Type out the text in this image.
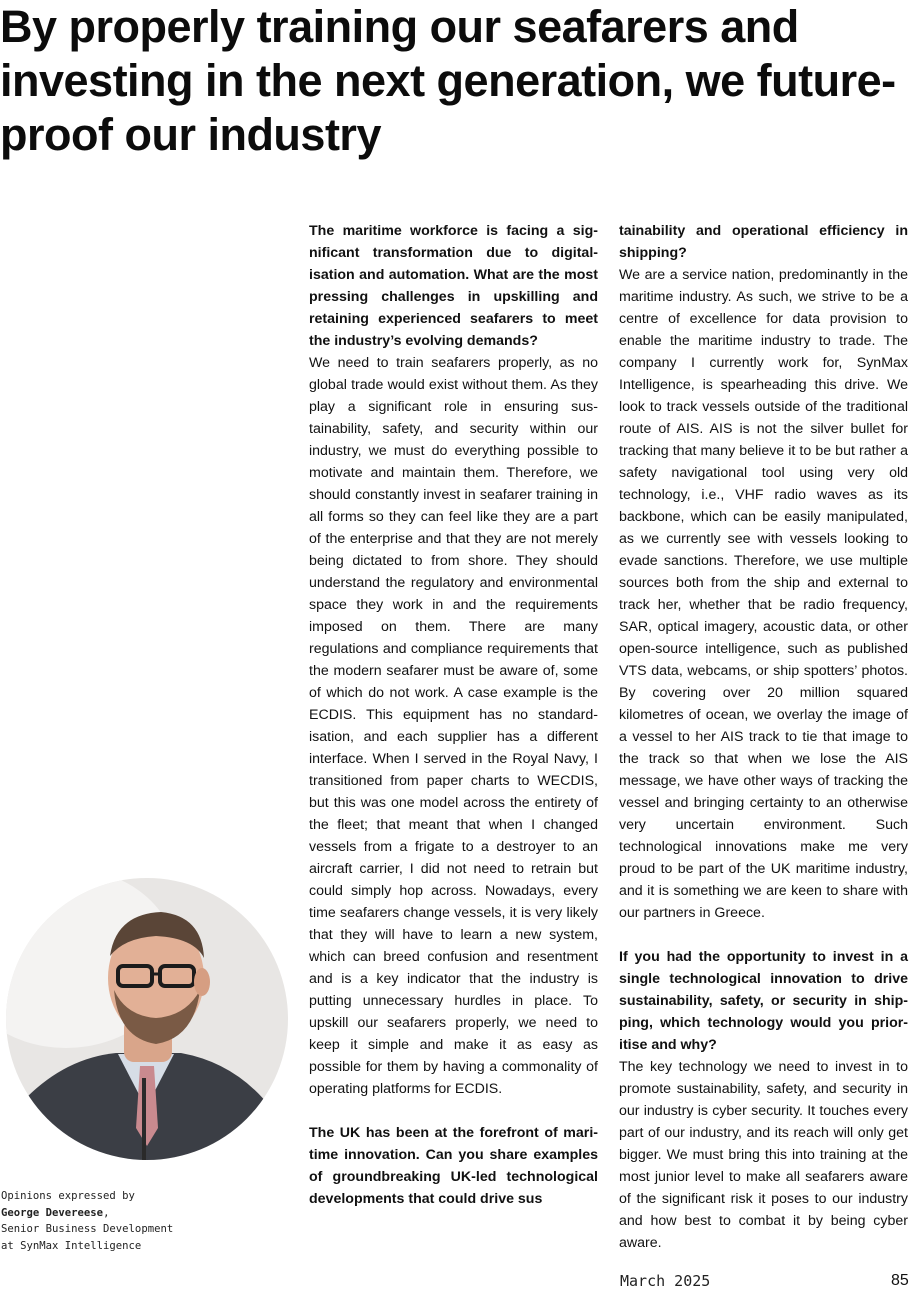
By properly training our seafarers and investing in the next generation, we future-proof our industry
Opinions expressed by
George Devereese,
Senior Business Development
at SynMax Intelligence

The maritime workforce is facing a significant transformation due to digitalisation and automation. What are the most pressing challenges in upskilling and retaining experienced seafarers to meet the industry’s evolving demands?

We need to train seafarers properly, as no global trade would exist without them. As they play a significant role in ensuring sustainability, safety, and security within our industry, we must do everything possible to motivate and maintain them. Therefore, we should constantly invest in seafarer training in all forms so they can feel like they are a part of the enterprise and that they are not merely being dictated to from shore. They should understand the regulatory and environmental space they work in and the requirements imposed on them. There are many regulations and compliance requirements that the modern seafarer must be aware of, some of which do not work. A case example is the ECDIS. This equipment has no standardisation, and each supplier has a different interface. When I served in the Royal Navy, I transitioned from paper charts to WECDIS, but this was one model across the entirety of the fleet; that meant that when I changed vessels from a frigate to a destroyer to an aircraft carrier, I did not need to retrain but could simply hop across. Nowadays, every time seafarers change vessels, it is very likely that they will have to learn a new system, which can breed confusion and resentment and is a key indicator that the industry is putting unnecessary hurdles in place. To upskill our seafarers properly, we need to keep it simple and make it as easy as possible for them by having a commonality of operating platforms for ECDIS.

The UK has been at the forefront of maritime innovation. Can you share examples of groundbreaking UK-led technological developments that could drive sus

tainability and operational efficiency in shipping?

We are a service nation, predominantly in the maritime industry. As such, we strive to be a centre of excellence for data provision to enable the maritime industry to trade. The company I currently work for, SynMax Intelligence, is spearheading this drive. We look to track vessels outside of the traditional route of AIS. AIS is not the silver bullet for tracking that many believe it to be but rather a safety navigational tool using very old technology, i.e., VHF radio waves as its backbone, which can be easily manipulated, as we currently see with vessels looking to evade sanctions. Therefore, we use multiple sources both from the ship and external to track her, whether that be radio frequency, SAR, optical imagery, acoustic data, or other open-source intelligence, such as published VTS data, webcams, or ship spotters’ photos. By covering over 20 million squared kilometres of ocean, we overlay the image of a vessel to her AIS track to tie that image to the track so that when we lose the AIS message, we have other ways of tracking the vessel and bringing certainty to an otherwise very uncertain environment. Such technological innovations make me very proud to be part of the UK maritime industry, and it is something we are keen to share with our partners in Greece.

If you had the opportunity to invest in a single technological innovation to drive sustainability, safety, or security in shipping, which technology would you prioritise and why?

The key technology we need to invest in to promote sustainability, safety, and security in our industry is cyber security. It touches every part of our industry, and its reach will only get bigger. We must bring this into training at the most junior level to make all seafarers aware of the significant risk it poses to our industry and how best to combat it by being cyber aware.

March 2025	85
